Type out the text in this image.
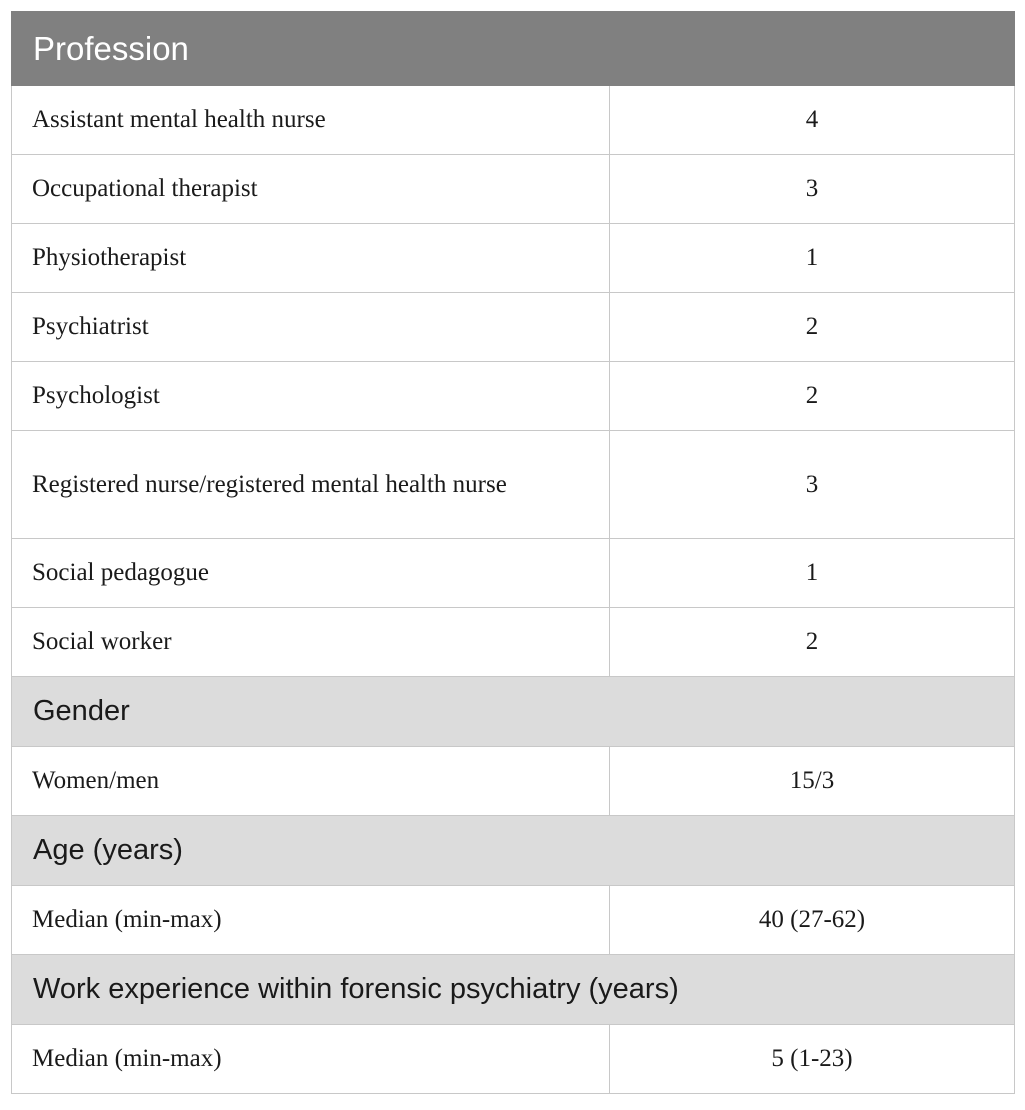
Profession	
Assistant mental health nurse	4
Occupational therapist	3
Physiotherapist	1
Psychiatrist	2
Psychologist	2
Registered nurse/registered mental health nurse	3
Social pedagogue	1
Social worker	2
Gender	
Women/men	15/3
Age (years)	
Median (min-max)	40 (27-62)
Work experience within forensic psychiatry (years)	
Median (min-max)	5 (1-23)
